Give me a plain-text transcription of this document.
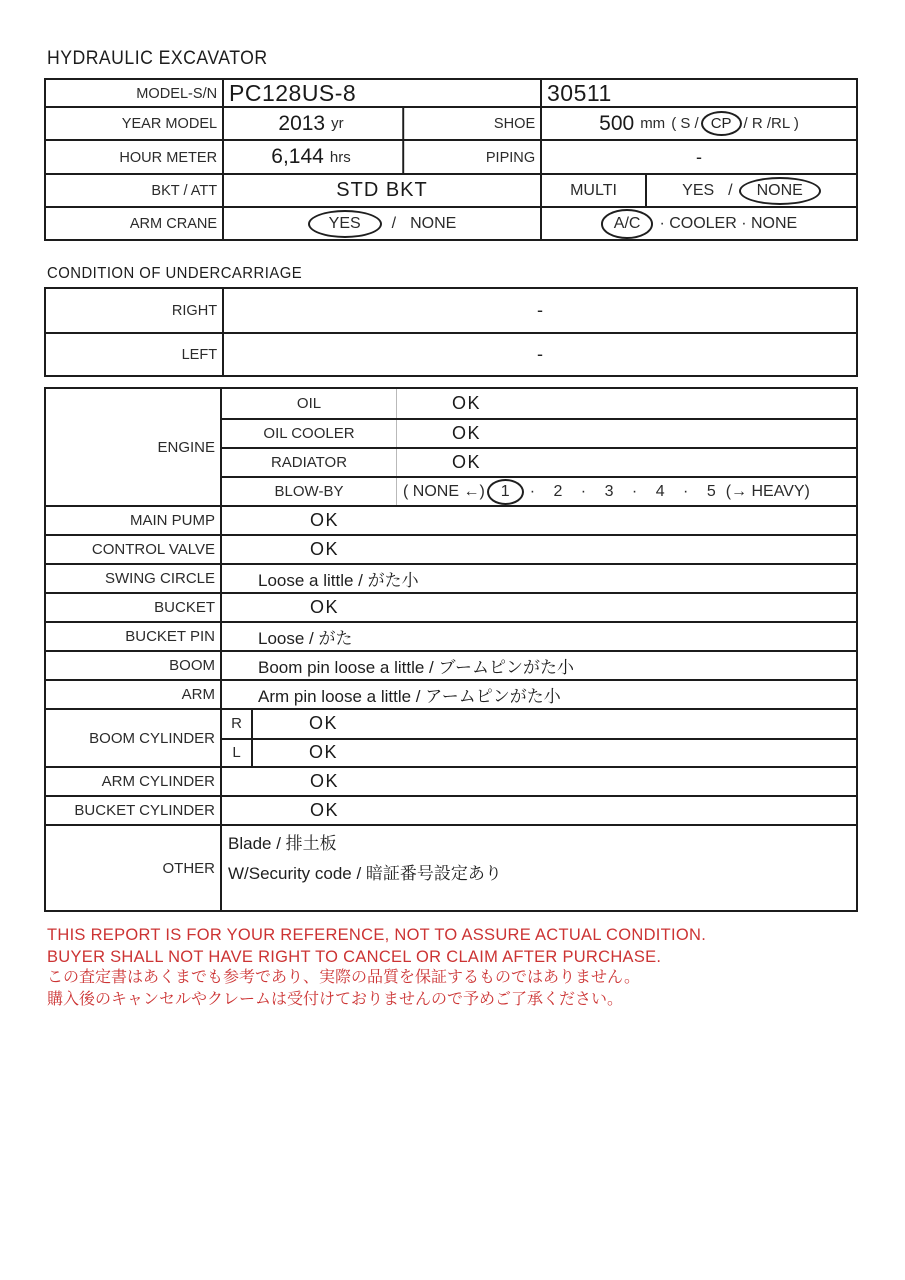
HYDRAULIC EXCAVATOR
MODEL-S/N PC128US-8	30511
YEAR MODEL	2013 yr	SHOE	500 mm ( S / CP / R /RL )
HOUR METER	6,144 hrs	PIPING	-
BKT / ATT	STD BKT	MULTI	YES /	NONE
ARM CRANE	YES	/ NONE	A/C	· COOLER · NONE
CONDITION OF UNDERCARRIAGE
RIGHT	-
LEFT	-
ENGINE
OIL	OK
OIL COOLER	OK
RADIATOR	OK
BLOW-BY	( NONE ←)	1	· 2 · 3 · 4 · 5 (→ HEAVY)
MAIN PUMP	OK
CONTROL VALVE	OK
SWING CIRCLE	Loose a little / がた小
BUCKET	OK
BUCKET PIN	Loose / がた
BOOM	Boom pin loose a little / ブームピンがた小
ARM	Arm pin loose a little / アームピンがた小
BOOM CYLINDER
R	OK
L	OK
ARM CYLINDER	OK
BUCKET CYLINDER	OK
OTHER
Blade / 排土板
W/Security code / 暗証番号設定あり
THIS REPORT IS FOR YOUR REFERENCE, NOT TO ASSURE ACTUAL CONDITION.
BUYER SHALL NOT HAVE RIGHT TO CANCEL OR CLAIM AFTER PURCHASE.
この査定書はあくまでも参考であり、実際の品質を保証するものではありません。
購入後のキャンセルやクレームは受付けておりませんので予めご了承ください。
